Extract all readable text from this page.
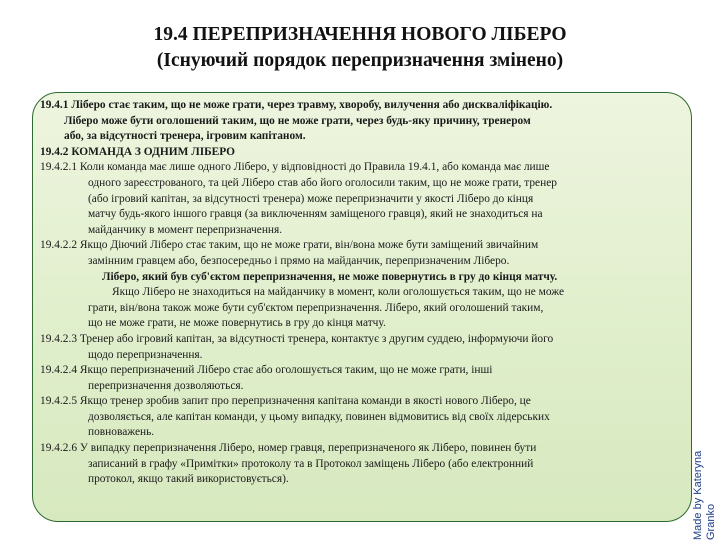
19.4 ПЕРЕПРИЗНАЧЕННЯ НОВОГО ЛІБЕРО
(Існуючий порядок перепризначення змінено)
19.4.1 Ліберо стає таким, що не може грати, через травму, хворобу, вилучення або дискваліфікацію.
Ліберо може бути оголошений таким, що не може грати, через будь-яку причину, тренером
або, за відсутності тренера, ігровим капітаном.
19.4.2 КОМАНДА З ОДНИМ ЛІБЕРО
19.4.2.1 Коли команда має лише одного Ліберо, у відповідності до Правила 19.4.1, або команда має лише
одного зареєстрованого, та цей Ліберо став або його оголосили таким, що не може грати, тренер
(або ігровий капітан, за відсутності тренера) може перепризначити у якості Ліберо до кінця
матчу будь-якого іншого гравця (за виключенням заміщеного гравця), який не знаходиться на
майданчику в момент перепризначення.
19.4.2.2 Якщо Діючий Ліберо стає таким, що не може грати, він/вона може бути заміщений звичайним
замінним гравцем або, безпосередньо і прямо на майданчик, перепризначеним Ліберо.
Ліберо, який був суб'єктом перепризначення, не може повернутись в гру до кінця матчу.
Якщо Ліберо не знаходиться на майданчику в момент, коли оголошується таким, що не може
грати, він/вона також може бути суб'єктом перепризначення. Ліберо, який оголошений таким,
що не може грати, не може повернутись в гру до кінця матчу.
19.4.2.3 Тренер або ігровий капітан, за відсутності тренера, контактує з другим суддею, інформуючи його
щодо перепризначення.
19.4.2.4 Якщо перепризначений Ліберо стає або оголошується таким, що не може грати, інші
перепризначення дозволяються.
19.4.2.5 Якщо тренер зробив запит про перепризначення капітана команди в якості нового Ліберо, це
дозволяється, але капітан команди, у цьому випадку, повинен відмовитись від своїх лідерських
повноважень.
19.4.2.6 У випадку перепризначення Ліберо, номер гравця, перепризначеного як Ліберо, повинен бути
записаний в графу «Примітки» протоколу та в Протокол заміщень Ліберо (або електронний
протокол, якщо такий використовується).	Made by Kateryna Granko
